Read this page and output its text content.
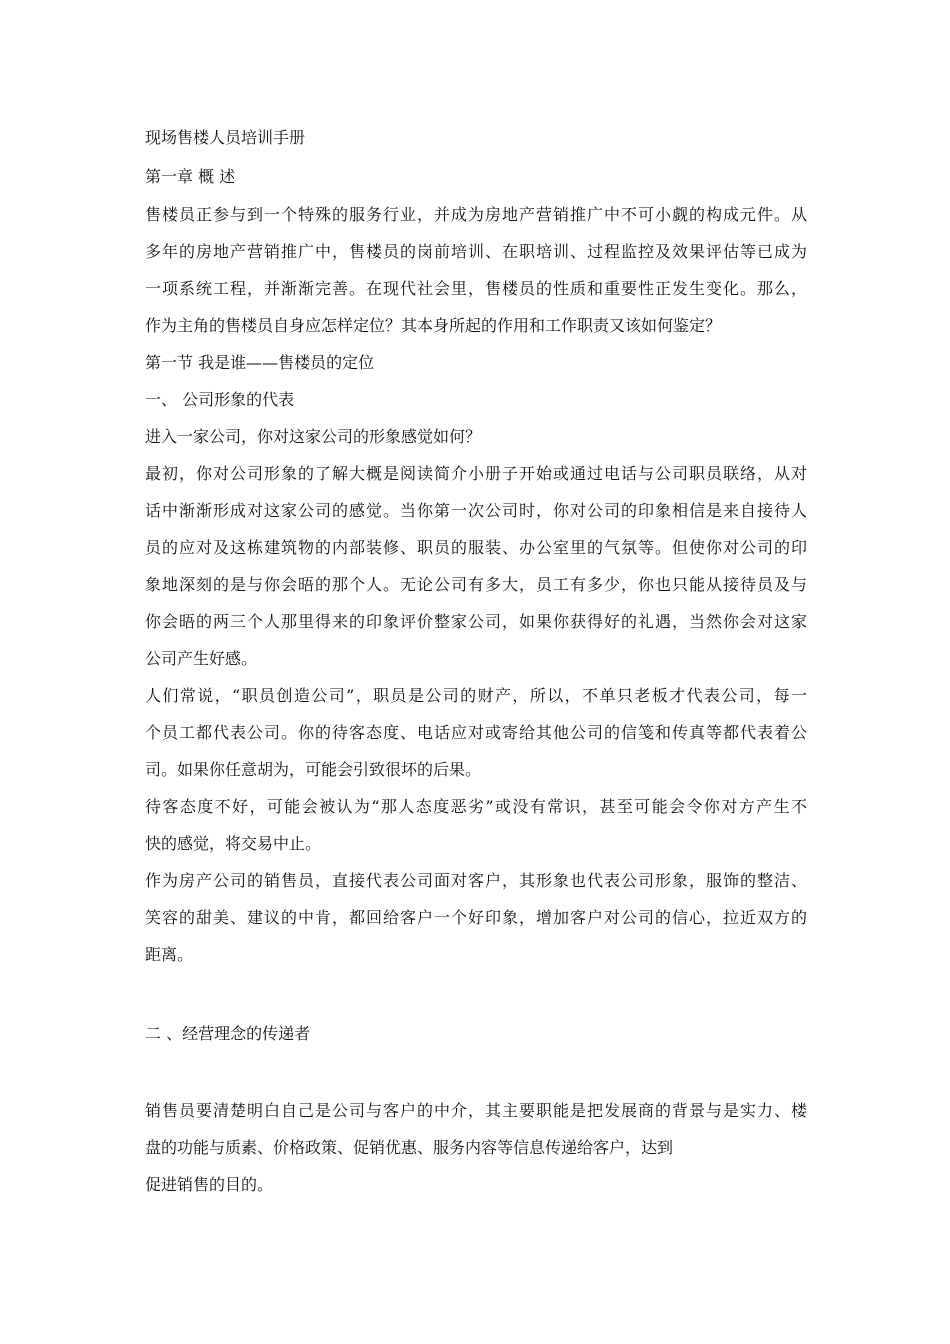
现场售楼人员培训手册

第一章 概 述

售楼员正参与到一个特殊的服务行业，并成为房地产营销推广中不可小觑的构成元件。从

多年的房地产营销推广中，售楼员的岗前培训、在职培训、过程监控及效果评估等已成为

一项系统工程，并渐渐完善。在现代社会里，售楼员的性质和重要性正发生变化。那么，

作为主角的售楼员自身应怎样定位？其本身所起的作用和工作职责又该如何鉴定？

第一节 我是谁——售楼员的定位

一、 公司形象的代表

进入一家公司，你对这家公司的形象感觉如何？

最初，你对公司形象的了解大概是阅读简介小册子开始或通过电话与公司职员联络，从对

话中渐渐形成对这家公司的感觉。当你第一次公司时，你对公司的印象相信是来自接待人

员的应对及这栋建筑物的内部装修、职员的服装、办公室里的气氛等。但使你对公司的印

象地深刻的是与你会晤的那个人。无论公司有多大，员工有多少，你也只能从接待员及与

你会晤的两三个人那里得来的印象评价整家公司，如果你获得好的礼遇，当然你会对这家

公司产生好感。

人们常说，“职员创造公司”，职员是公司的财产，所以，不单只老板才代表公司，每一

个员工都代表公司。你的待客态度、电话应对或寄给其他公司的信笺和传真等都代表着公

司。如果你任意胡为，可能会引致很坏的后果。

待客态度不好，可能会被认为“那人态度恶劣”或没有常识，甚至可能会令你对方产生不

快的感觉，将交易中止。

作为房产公司的销售员，直接代表公司面对客户，其形象也代表公司形象，服饰的整洁、

笑容的甜美、建议的中肯，都回给客户一个好印象，增加客户对公司的信心，拉近双方的

距离。

二 、经营理念的传递者

销售员要清楚明白自己是公司与客户的中介，其主要职能是把发展商的背景与是实力、楼

盘的功能与质素、价格政策、促销优惠、服务内容等信息传递给客户，达到

促进销售的目的。
